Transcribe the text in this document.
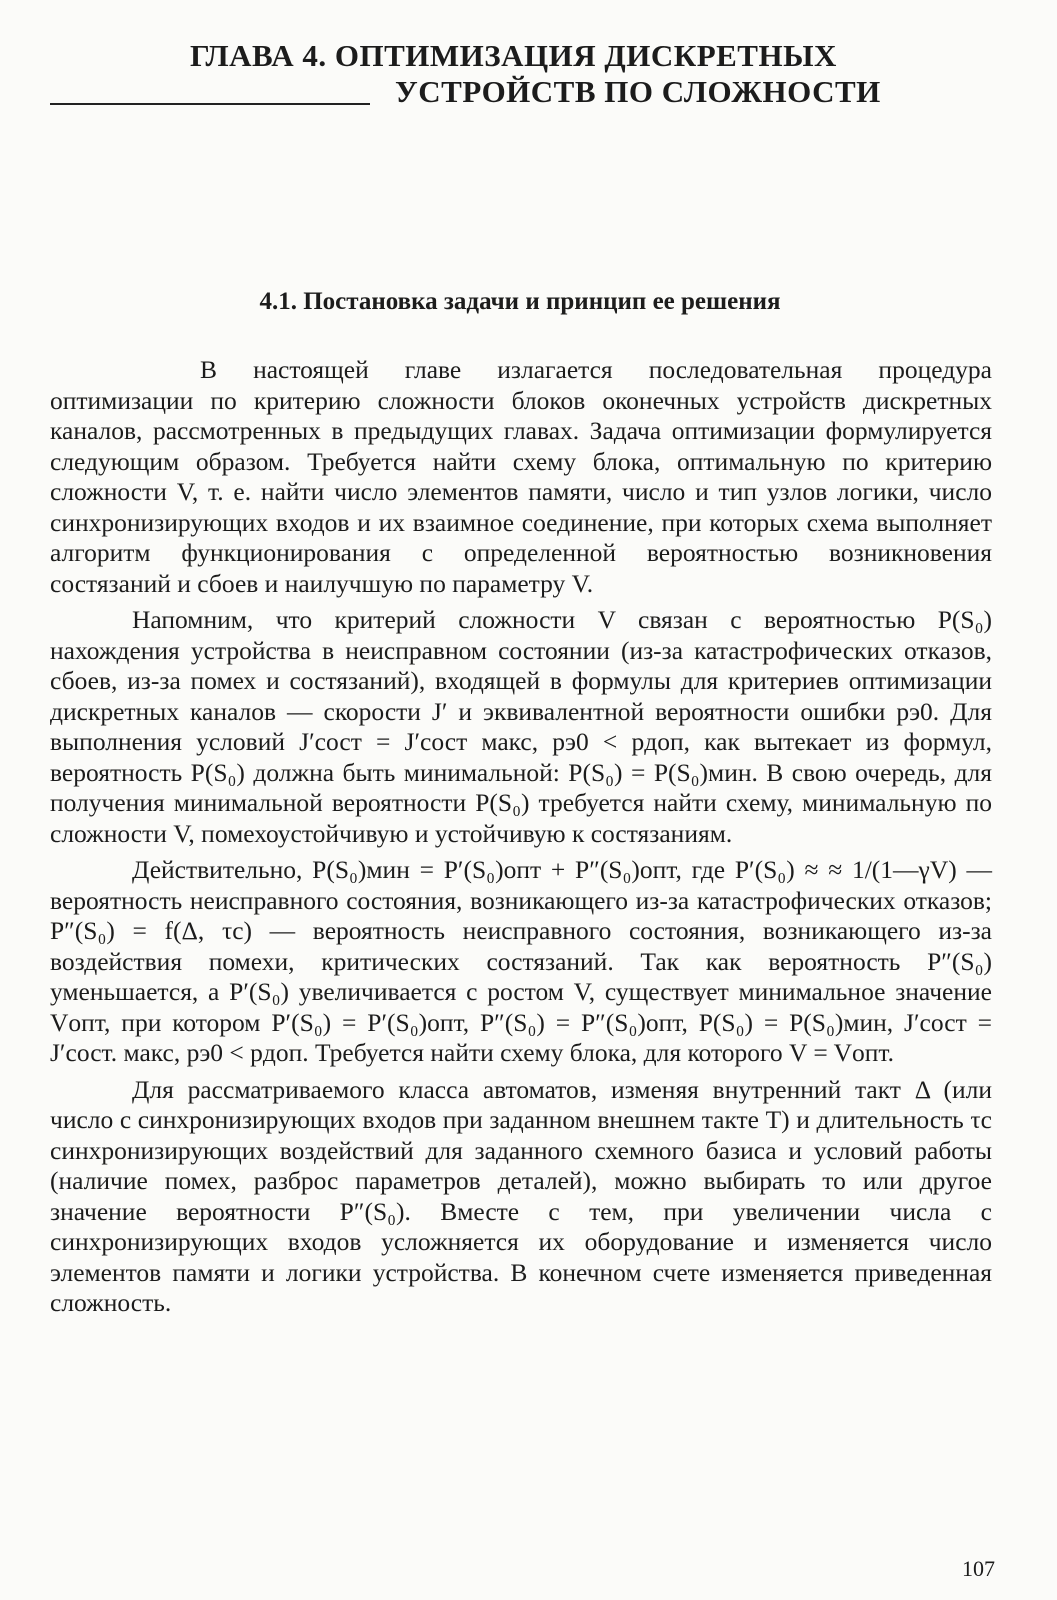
ГЛАВА 4. ОПТИМИЗАЦИЯ ДИСКРЕТНЫХ
УСТРОЙСТВ ПО СЛОЖНОСТИ
4.1. Постановка задачи и принцип ее решения

В настоящей главе излагается последовательная процедура оптимизации по критерию сложности блоков оконечных устройств дискретных каналов, рассмотренных в предыдущих главах. Задача оптимизации формулируется следующим образом. Требуется найти схему блока, оптимальную по критерию сложности V, т. е. найти число элементов памяти, число и тип узлов логики, число синхронизирующих входов и их взаимное соединение, при которых схема выполняет алгоритм функционирования с определенной вероятностью возникновения состязаний и сбоев и наилучшую по параметру V.

Напомним, что критерий сложности V связан с вероятностью P(S₀) нахождения устройства в неисправном состоянии (из-за катастрофических отказов, сбоев, из-за помех и состязаний), входящей в формулы для критериев оптимизации дискретных каналов — скорости J′ и эквивалентной вероятности ошибки pэ0. Для выполнения условий J′сост = J′сост макс, pэ0 < pдоп, как вытекает из формул, вероятность P(S₀) должна быть минимальной: P(S₀) = P(S₀)мин. В свою очередь, для получения минимальной вероятности P(S₀) требуется найти схему, минимальную по сложности V, помехоустойчивую и устойчивую к состязаниям.

Действительно, P(S₀)мин = P′(S₀)опт + P″(S₀)опт, где P′(S₀) ≈ ≈ 1/(1—γV) — вероятность неисправного состояния, возникающего из-за катастрофических отказов; P″(S₀) = f(Δ, τc) — вероятность неисправного состояния, возникающего из-за воздействия помехи, критических состязаний. Так как вероятность P″(S₀) уменьшается, а P′(S₀) увеличивается с ростом V, существует минимальное значение Vопт, при котором P′(S₀) = P′(S₀)опт, P″(S₀) = P″(S₀)опт, P(S₀) = P(S₀)мин, J′сост = J′сост. макс, pэ0 < pдоп. Требуется найти схему блока, для которого V = Vопт.

Для рассматриваемого класса автоматов, изменяя внутренний такт Δ (или число c синхронизирующих входов при заданном внешнем такте T) и длительность τc синхронизирующих воздействий для заданного схемного базиса и условий работы (наличие помех, разброс параметров деталей), можно выбирать то или другое значение вероятности P″(S₀). Вместе с тем, при увеличении числа c синхронизирующих входов усложняется их оборудование и изменяется число элементов памяти и логики устройства. В конечном счете изменяется приведенная сложность.

107
